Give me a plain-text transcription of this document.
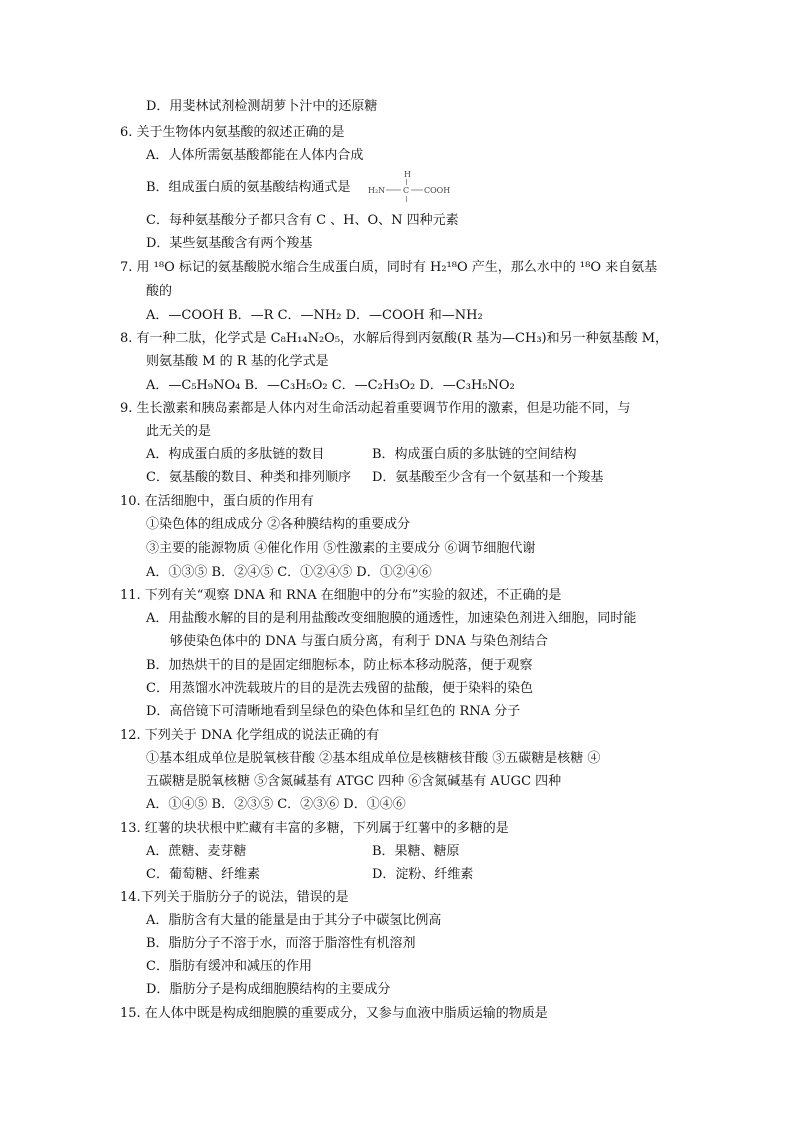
D．用斐林试剂检测胡萝卜汁中的还原糖
6. 关于生物体内氨基酸的叙述正确的是
A．人体所需氨基酸都能在人体内合成
B．组成蛋白质的氨基酸结构通式是
H
H₂N C COOH
C．每种氨基酸分子都只含有 C 、H、O、N 四种元素
D．某些氨基酸含有两个羧基
7. 用 ¹⁸O 标记的氨基酸脱水缩合生成蛋白质，同时有 H₂¹⁸O 产生，那么水中的 ¹⁸O 来自氨基
酸的
A．—COOH B．—R C．—NH₂ D．—COOH 和—NH₂
8. 有一种二肽，化学式是 C₈H₁₄N₂O₅，水解后得到丙氨酸(R 基为—CH₃)和另一种氨基酸 M，
则氨基酸 M 的 R 基的化学式是
A．—C₅H₉NO₄ B．—C₃H₅O₂ C．—C₂H₃O₂ D．—C₃H₅NO₂
9. 生长激素和胰岛素都是人体内对生命活动起着重要调节作用的激素，但是功能不同，与
此无关的是
A．构成蛋白质的多肽链的数目	B．构成蛋白质的多肽链的空间结构
C．氨基酸的数目、种类和排列顺序 D．氨基酸至少含有一个氨基和一个羧基
10. 在活细胞中，蛋白质的作用有
①染色体的组成成分 ②各种膜结构的重要成分
③主要的能源物质 ④催化作用 ⑤性激素的主要成分 ⑥调节细胞代谢
A．①③⑤ B．②④⑤ C．①②④⑤ D．①②④⑥
11. 下列有关“观察 DNA 和 RNA 在细胞中的分布”实验的叙述，不正确的是
A．用盐酸水解的目的是利用盐酸改变细胞膜的通透性，加速染色剂进入细胞，同时能
够使染色体中的 DNA 与蛋白质分离，有利于 DNA 与染色剂结合
B．加热烘干的目的是固定细胞标本，防止标本移动脱落，便于观察
C．用蒸馏水冲洗载玻片的目的是洗去残留的盐酸，便于染料的染色
D．高倍镜下可清晰地看到呈绿色的染色体和呈红色的 RNA 分子
12. 下列关于 DNA 化学组成的说法正确的有
①基本组成单位是脱氧核苷酸 ②基本组成单位是核糖核苷酸 ③五碳糖是核糖 ④
五碳糖是脱氧核糖 ⑤含氮碱基有 ATGC 四种 ⑥含氮碱基有 AUGC 四种
A．①④⑤ B．②③⑤ C．②③⑥ D．①④⑥
13. 红薯的块状根中贮藏有丰富的多糖，下列属于红薯中的多糖的是
A．蔗糖、麦芽糖	B．果糖、糖原
C．葡萄糖、纤维素	D．淀粉、纤维素
14.下列关于脂肪分子的说法，错误的是
A．脂肪含有大量的能量是由于其分子中碳氢比例高
B．脂肪分子不溶于水，而溶于脂溶性有机溶剂
C．脂肪有缓冲和减压的作用
D．脂肪分子是构成细胞膜结构的主要成分
15. 在人体中既是构成细胞膜的重要成分，又参与血液中脂质运输的物质是
